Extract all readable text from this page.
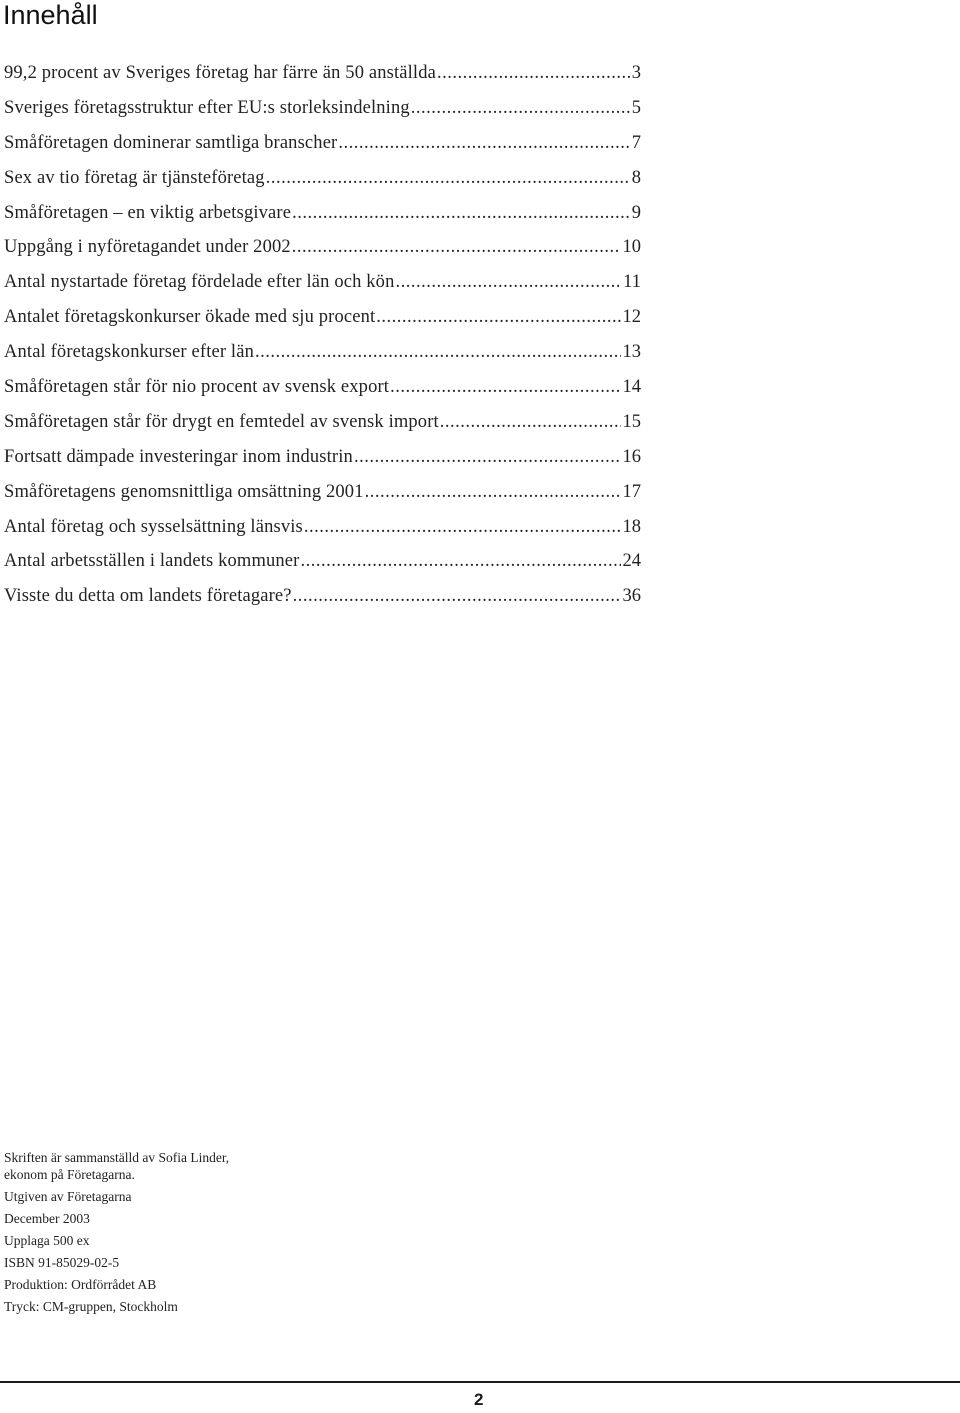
Innehåll
99,2 procent av Sveriges företag har färre än 50 anställda .....	3
Sveriges företagsstruktur efter EU:s storleksindelning .....	5
Småföretagen dominerar samtliga branscher .....	7
Sex av tio företag är tjänsteföretag .....	8
Småföretagen – en viktig arbetsgivare .....	9
Uppgång i nyföretagandet under 2002 .....	10
Antal nystartade företag fördelade efter län och kön .....	11
Antalet företagskonkurser ökade med sju procent .....	12
Antal företagskonkurser efter län .....	13
Småföretagen står för nio procent av svensk export .....	14
Småföretagen står för drygt en femtedel av svensk import .....	15
Fortsatt dämpade investeringar inom industrin .....	16
Småföretagens genomsnittliga omsättning 2001 .....	17
Antal företag och sysselsättning länsvis .....	18
Antal arbetsställen i landets kommuner .....	24
Visste du detta om landets företagare? .....	36
Skriften är sammanställd av Sofia Linder,
ekonom på Företagarna.
Utgiven av Företagarna
December 2003
Upplaga 500 ex
ISBN 91-85029-02-5
Produktion: Ordförrådet AB
Tryck: CM-gruppen, Stockholm
2
